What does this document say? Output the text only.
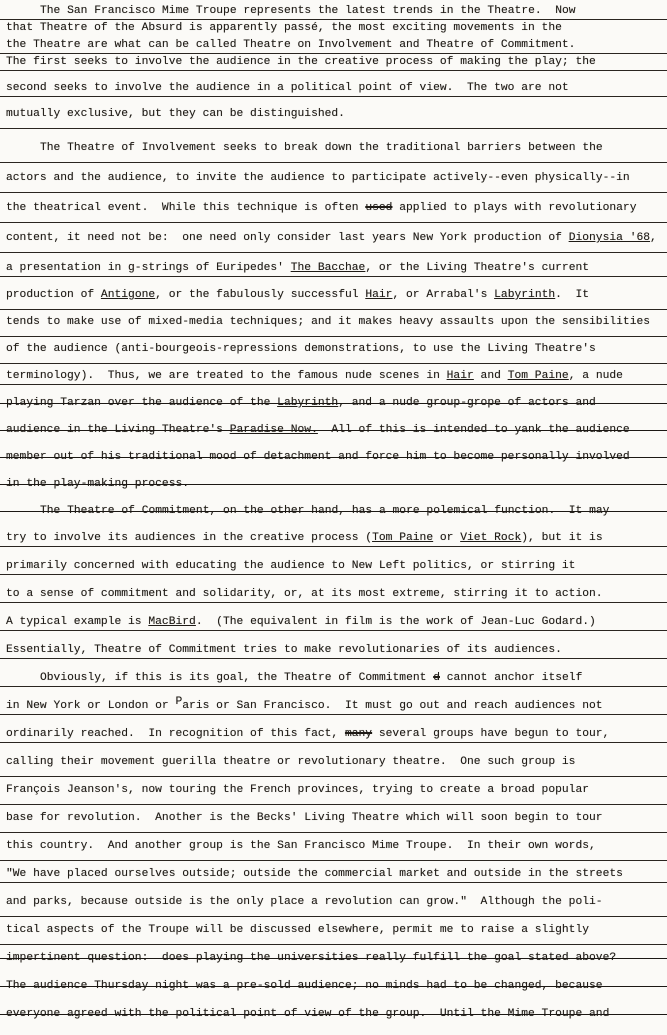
The San Francisco Mime Troupe represents the latest trends in the Theatre.  Now
that Theatre of the Absurd is apparently passé, the most exciting movements in the
the Theatre are what can be called Theatre on Involvement and Theatre of Commitment.
The first seeks to involve the audience in the creative process of making the play; the
second seeks to involve the audience in a political point of view.  The two are not
mutually exclusive, but they can be distinguished.
The Theatre of Involvement seeks to break down the traditional barriers between the
actors and the audience, to invite the audience to participate actively--even physically--in
the theatrical event.  While this technique is often used applied to plays with revolutionary
content, it need not be:  one need only consider last years New York production of Dionysia '68,
a presentation in g-strings of Euripedes' The Bacchae, or the Living Theatre's current
production of Antigone, or the fabulously successful Hair, or Arrabal's Labyrinth.  It
tends to make use of mixed-media techniques; and it makes heavy assaults upon the sensibilities
of the audience (anti-bourgeois-repressions demonstrations, to use the Living Theatre's
terminology).  Thus, we are treated to the famous nude scenes in Hair and Tom Paine, a nude
playing Tarzan over the audience of the Labyrinth, and a nude group-grope of actors and
audience in the Living Theatre's Paradise Now.  All of this is intended to yank the audience
member out of his traditional mood of detachment and force him to become personally involved
in the play-making process.
The Theatre of Commitment, on the other hand, has a more polemical function.  It may
try to involve its audiences in the creative process (Tom Paine or Viet Rock), but it is
primarily concerned with educating the audience to New Left politics, or stirring it
to a sense of commitment and solidarity, or, at its most extreme, stirring it to action.
A typical example is MacBird.  (The equivalent in film is the work of Jean-Luc Godard.)
Essentially, Theatre of Commitment tries to make revolutionaries of its audiences.
Obviously, if this is its goal, the Theatre of Commitment d cannot anchor itself
in New York or London or Paris or San Francisco.  It must go out and reach audiences not
ordinarily reached.  In recognition of this fact, many several groups have begun to tour,
calling their movement guerilla theatre or revolutionary theatre.  One such group is
François Jeanson's, now touring the French provinces, trying to create a broad popular
base for revolution.  Another is the Becks' Living Theatre which will soon begin to tour
this country.  And another group is the San Francisco Mime Troupe.  In their own words,
"We have placed ourselves outside; outside the commercial market and outside in the streets
and parks, because outside is the only place a revolution can grow."  Although the poli-
tical aspects of the Troupe will be discussed elsewhere, permit me to raise a slightly
impertinent question:  does playing the universities really fulfill the goal stated above?
The audience Thursday night was a pre-sold audience; no minds had to be changed, because
everyone agreed with the political point of view of the group.  Until the Mime Troupe and
